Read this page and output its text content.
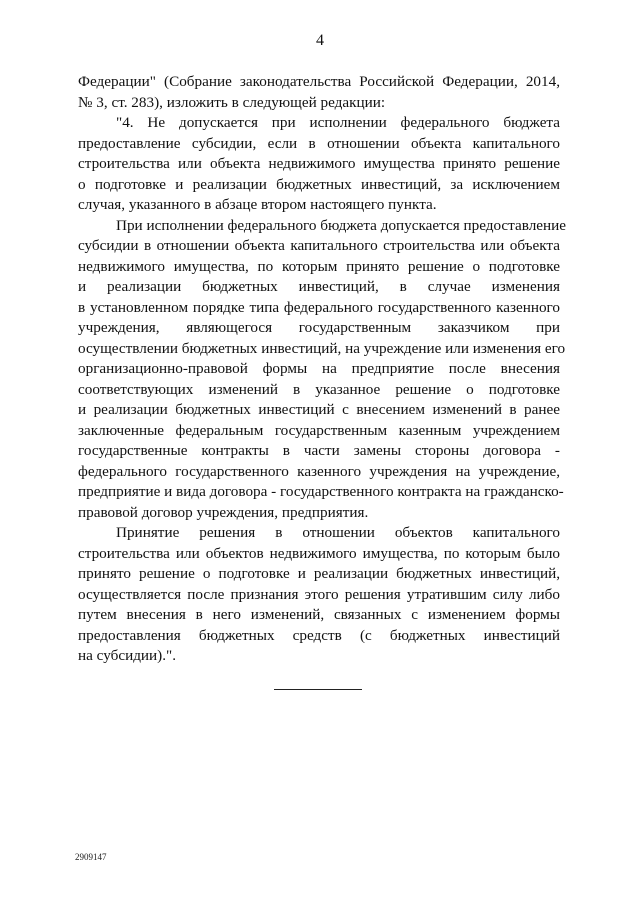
4
Федерации" (Собрание законодательства Российской Федерации, 2014,
№ 3, ст. 283), изложить в следующей редакции:
"4. Не допускается при исполнении федерального бюджета
предоставление субсидии, если в отношении объекта капитального
строительства или объекта недвижимого имущества принято решение
о подготовке и реализации бюджетных инвестиций, за исключением
случая, указанного в абзаце втором настоящего пункта.
При исполнении федерального бюджета допускается предоставление
субсидии в отношении объекта капитального строительства или объекта
недвижимого имущества, по которым принято решение о подготовке
и реализации бюджетных инвестиций, в случае изменения
в установленном порядке типа федерального государственного казенного
учреждения, являющегося государственным заказчиком при
осуществлении бюджетных инвестиций, на учреждение или изменения его
организационно-правовой формы на предприятие после внесения
соответствующих изменений в указанное решение о подготовке
и реализации бюджетных инвестиций с внесением изменений в ранее
заключенные федеральным государственным казенным учреждением
государственные контракты в части замены стороны договора -
федерального государственного казенного учреждения на учреждение,
предприятие и вида договора - государственного контракта на гражданско-
правовой договор учреждения, предприятия.
Принятие решения в отношении объектов капитального
строительства или объектов недвижимого имущества, по которым было
принято решение о подготовке и реализации бюджетных инвестиций,
осуществляется после признания этого решения утратившим силу либо
путем внесения в него изменений, связанных с изменением формы
предоставления бюджетных средств (с бюджетных инвестиций
на субсидии).".
2909147
